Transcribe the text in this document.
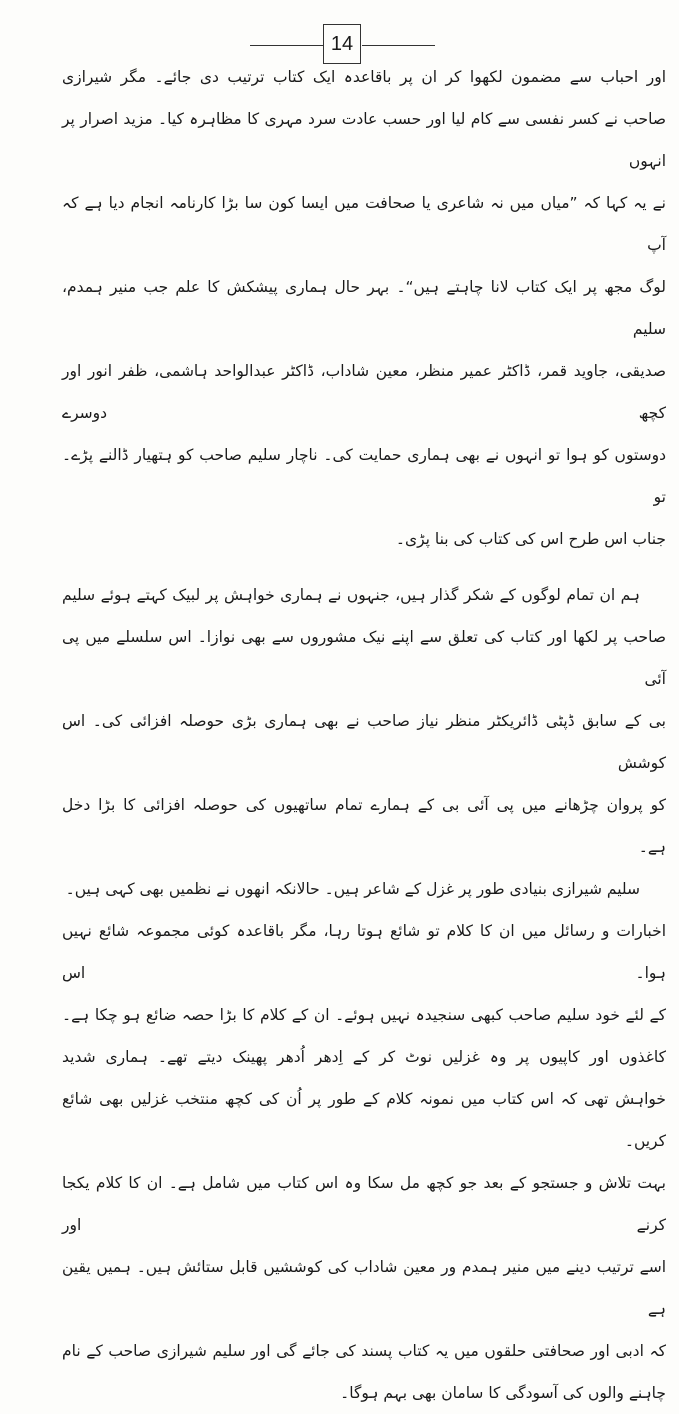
14
اور احباب سے مضمون لکھوا کر ان پر باقاعدہ ایک کتاب ترتیب دی جائے۔ مگر شیرازی
صاحب نے کسر نفسی سے کام لیا اور حسب عادت سرد مہری کا مظاہرہ کیا۔ مزید اصرار پر انہوں
نے یہ کہا کہ ”میاں میں نہ شاعری یا صحافت میں ایسا کون سا بڑا کارنامہ انجام دیا ہے کہ آپ
لوگ مجھ پر ایک کتاب لانا چاہتے ہیں“۔ بہر حال ہماری پیشکش کا علم جب منیر ہمدم، سلیم
صدیقی، جاوید قمر، ڈاکٹر عمیر منظر، معین شاداب، ڈاکٹر عبدالواحد ہاشمی، ظفر انور اور کچھ دوسرے
دوستوں کو ہوا تو انہوں نے بھی ہماری حمایت کی۔ ناچار سلیم صاحب کو ہتھیار ڈالنے پڑے۔ تو
جناب اس طرح اس کی کتاب کی بنا پڑی۔
ہم ان تمام لوگوں کے شکر گذار ہیں، جنہوں نے ہماری خواہش پر لبیک کہتے ہوئے سلیم
صاحب پر لکھا اور کتاب کی تعلق سے اپنے نیک مشوروں سے بھی نوازا۔ اس سلسلے میں پی آئی
بی کے سابق ڈپٹی ڈائریکٹر منظر نیاز صاحب نے بھی ہماری بڑی حوصلہ افزائی کی۔ اس کوشش
کو پروان چڑھانے میں پی آئی بی کے ہمارے تمام ساتھیوں کی حوصلہ افزائی کا بڑا دخل
ہے۔
سلیم شیرازی بنیادی طور پر غزل کے شاعر ہیں۔ حالانکہ انھوں نے نظمیں بھی کہی ہیں۔
اخبارات و رسائل میں ان کا کلام تو شائع ہوتا رہا، مگر باقاعدہ کوئی مجموعہ شائع نہیں ہوا۔ اس
کے لئے خود سلیم صاحب کبھی سنجیدہ نہیں ہوئے۔ ان کے کلام کا بڑا حصہ ضائع ہو چکا ہے۔
کاغذوں اور کاپیوں پر وہ غزلیں نوٹ کر کے اِدھر اُدھر پھینک دیتے تھے۔ ہماری شدید
خواہش تھی کہ اس کتاب میں نمونہ کلام کے طور پر اُن کی کچھ منتخب غزلیں بھی شائع کریں۔
بہت تلاش و جستجو کے بعد جو کچھ مل سکا وہ اس کتاب میں شامل ہے۔ ان کا کلام یکجا کرنے اور
اسے ترتیب دینے میں منیر ہمدم ور معین شاداب کی کوششیں قابل ستائش ہیں۔ ہمیں یقین ہے
کہ ادبی اور صحافتی حلقوں میں یہ کتاب پسند کی جائے گی اور سلیم شیرازی صاحب کے نام
چاہنے والوں کی آسودگی کا سامان بھی بہم ہوگا۔
